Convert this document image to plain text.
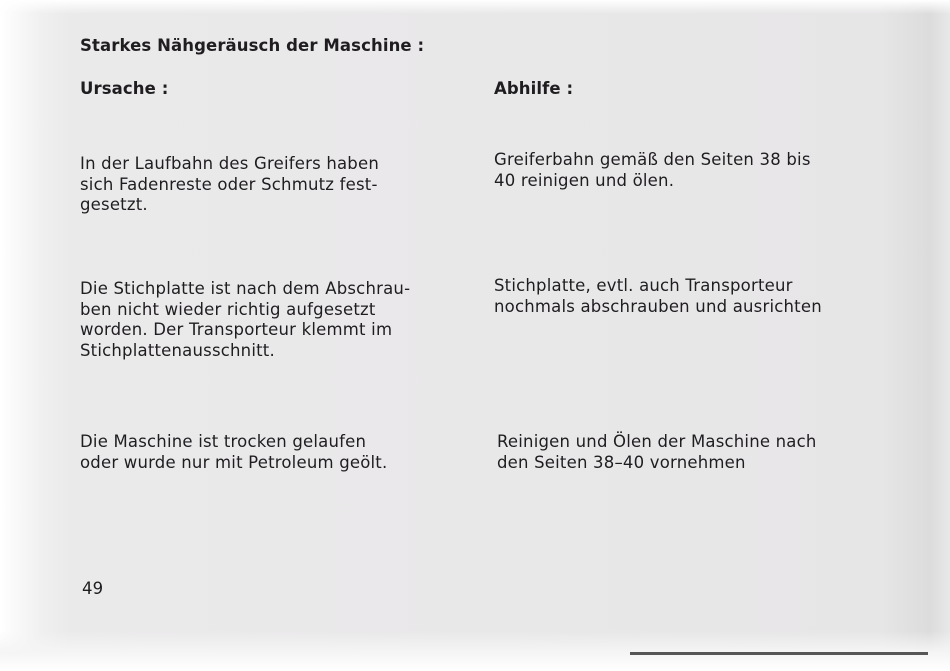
Starkes Nähgeräusch der Maschine :
Ursache :	Abhilfe :
In der Laufbahn des Greifers haben
sich Fadenreste oder Schmutz fest-
gesetzt.
Greiferbahn gemäß den Seiten 38 bis
40 reinigen und ölen.
Die Stichplatte ist nach dem Abschrau-
ben nicht wieder richtig aufgesetzt
worden. Der Transporteur klemmt im
Stichplattenausschnitt.
Stichplatte, evtl. auch Transporteur
nochmals abschrauben und ausrichten
Die Maschine ist trocken gelaufen
oder wurde nur mit Petroleum geölt.
Reinigen und Ölen der Maschine nach
den Seiten 38–40 vornehmen
49
